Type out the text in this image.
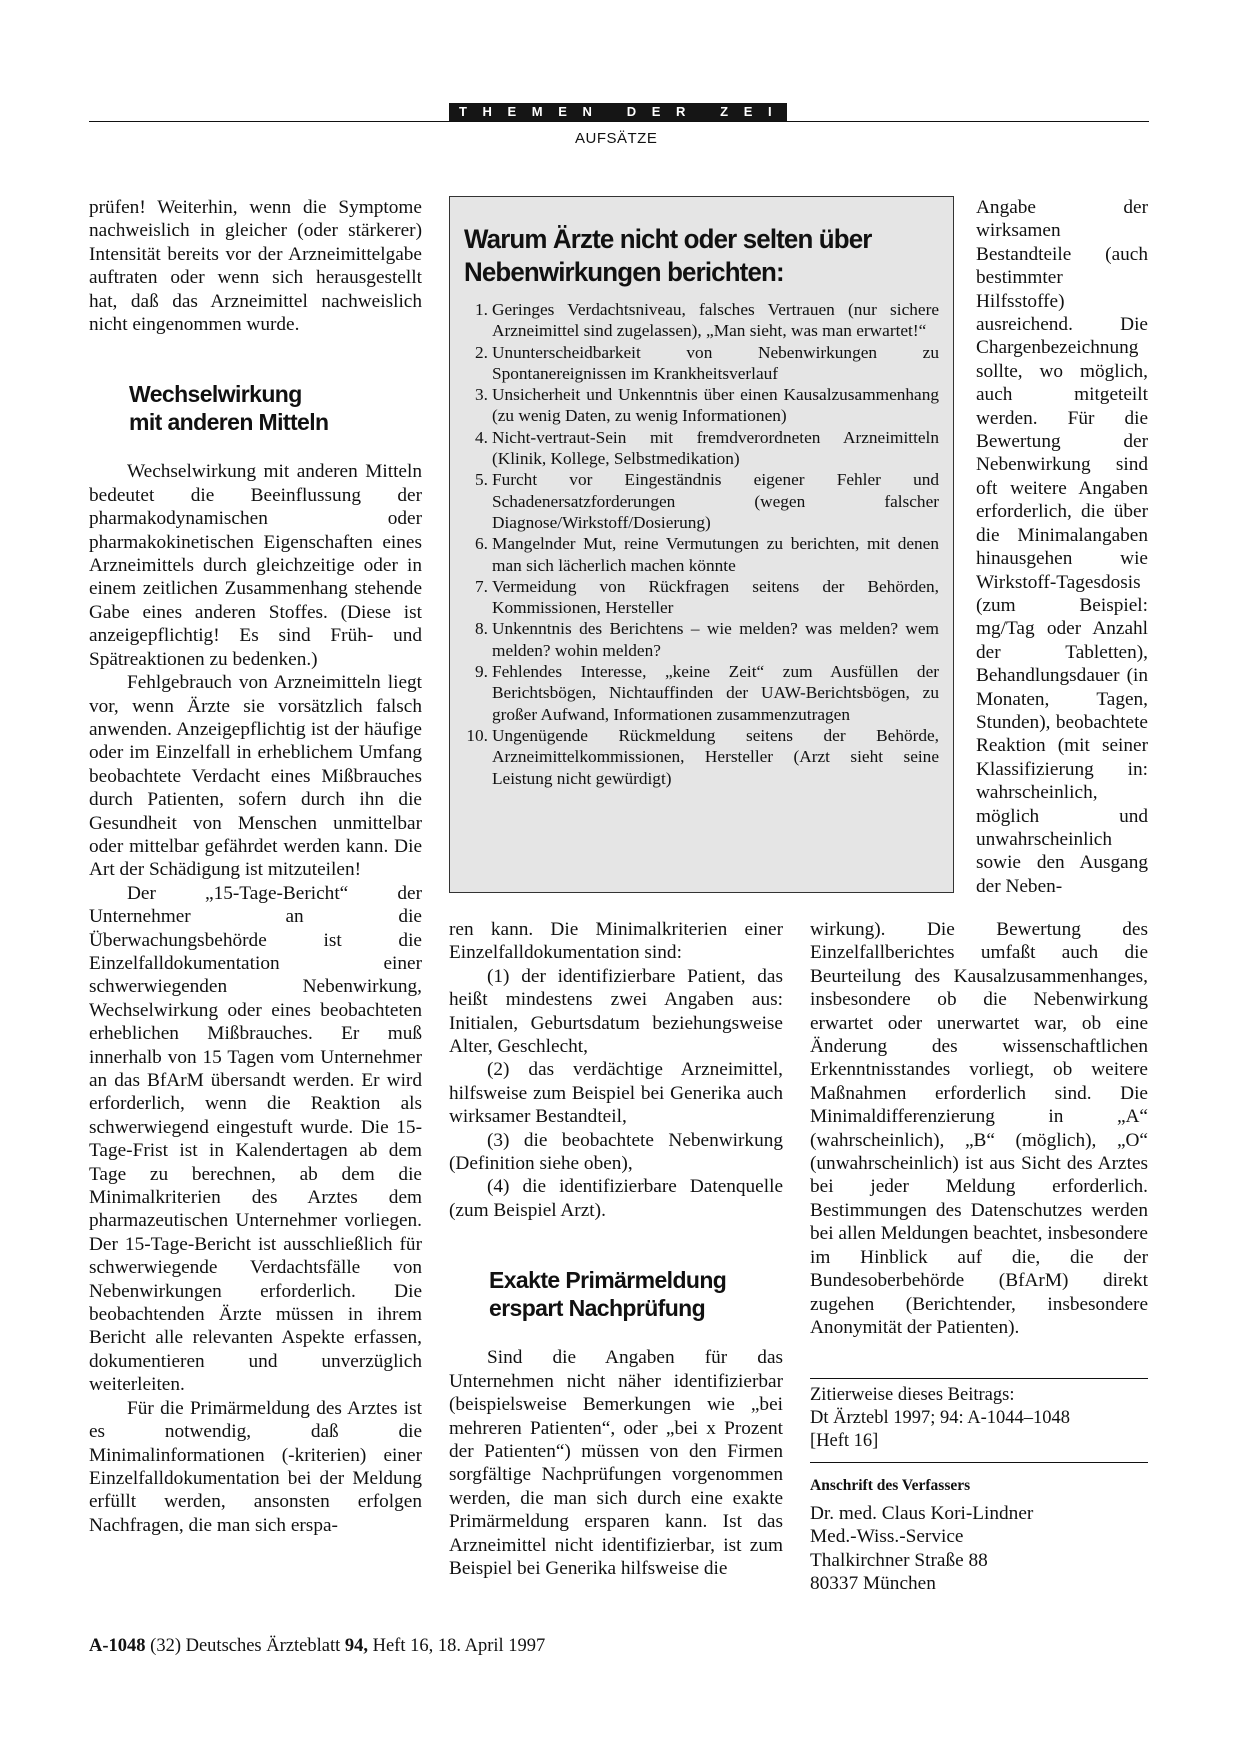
THEMEN DER ZEIT
AUFSÄTZE

prüfen! Weiterhin, wenn die Symptome nachweislich in gleicher (oder stärkerer) Intensität bereits vor der Arzneimittelgabe auftraten oder wenn sich herausgestellt hat, daß das Arzneimittel nachweislich nicht eingenommen wurde.

Wechselwirkung
mit anderen Mitteln

Wechselwirkung mit anderen Mitteln bedeutet die Beeinflussung der pharmakodynamischen oder pharmakokinetischen Eigenschaften eines Arzneimittels durch gleichzeitige oder in einem zeitlichen Zusammenhang stehende Gabe eines anderen Stoffes. (Diese ist anzeigepflichtig! Es sind Früh- und Spätreaktionen zu bedenken.)

Fehlgebrauch von Arzneimitteln liegt vor, wenn Ärzte sie vorsätzlich falsch anwenden. Anzeigepflichtig ist der häufige oder im Einzelfall in erheblichem Umfang beobachtete Verdacht eines Mißbrauches durch Patienten, sofern durch ihn die Gesundheit von Menschen unmittelbar oder mittelbar gefährdet werden kann. Die Art der Schädigung ist mitzuteilen!

Der „15-Tage-Bericht“ der Unternehmer an die Überwachungsbehörde ist die Einzelfalldokumentation einer schwerwiegenden Nebenwirkung, Wechselwirkung oder eines beobachteten erheblichen Mißbrauches. Er muß innerhalb von 15 Tagen vom Unternehmer an das BfArM übersandt werden. Er wird erforderlich, wenn die Reaktion als schwerwiegend eingestuft wurde. Die 15-Tage-Frist ist in Kalendertagen ab dem Tage zu berechnen, ab dem die Minimalkriterien des Arztes dem pharmazeutischen Unternehmer vorliegen. Der 15-Tage-Bericht ist ausschließlich für schwerwiegende Verdachtsfälle von Nebenwirkungen erforderlich. Die beobachtenden Ärzte müssen in ihrem Bericht alle relevanten Aspekte erfassen, dokumentieren und unverzüglich weiterleiten.

Für die Primärmeldung des Arztes ist es notwendig, daß die Minimalinformationen (-kriterien) einer Einzelfalldokumentation bei der Meldung erfüllt werden, ansonsten erfolgen Nachfragen, die man sich erspa-

Warum Ärzte nicht oder selten über
Nebenwirkungen berichten:
1. Geringes Verdachtsniveau, falsches Vertrauen (nur sichere Arzneimittel sind zugelassen), „Man sieht, was man erwartet!“
2. Ununterscheidbarkeit von Nebenwirkungen zu Spontanereignissen im Krankheitsverlauf
3. Unsicherheit und Unkenntnis über einen Kausalzusammenhang (zu wenig Daten, zu wenig Informationen)
4. Nicht-vertraut-Sein mit fremdverordneten Arzneimitteln (Klinik, Kollege, Selbstmedikation)
5. Furcht vor Eingeständnis eigener Fehler und Schadenersatzforderungen (wegen falscher Diagnose/Wirkstoff/Dosierung)
6. Mangelnder Mut, reine Vermutungen zu berichten, mit denen man sich lächerlich machen könnte
7. Vermeidung von Rückfragen seitens der Behörden, Kommissionen, Hersteller
8. Unkenntnis des Berichtens – wie melden? was melden? wem melden? wohin melden?
9. Fehlendes Interesse, „keine Zeit“ zum Ausfüllen der Berichtsbögen, Nichtauffinden der UAW-Berichtsbögen, zu großer Aufwand, Informationen zusammenzutragen
10. Ungenügende Rückmeldung seitens der Behörde, Arzneimittelkommissionen, Hersteller (Arzt sieht seine Leistung nicht gewürdigt)

ren kann. Die Minimalkriterien einer Einzelfalldokumentation sind:

(1) der identifizierbare Patient, das heißt mindestens zwei Angaben aus: Initialen, Geburtsdatum beziehungsweise Alter, Geschlecht,

(2) das verdächtige Arzneimittel, hilfsweise zum Beispiel bei Generika auch wirksamer Bestandteil,

(3) die beobachtete Nebenwirkung (Definition siehe oben),

(4) die identifizierbare Datenquelle (zum Beispiel Arzt).

Exakte Primärmeldung
erspart Nachprüfung

Sind die Angaben für das Unternehmen nicht näher identifizierbar (beispielsweise Bemerkungen wie „bei mehreren Patienten“, oder „bei x Prozent der Patienten“) müssen von den Firmen sorgfältige Nachprüfungen vorgenommen werden, die man sich durch eine exakte Primärmeldung ersparen kann. Ist das Arzneimittel nicht identifizierbar, ist zum Beispiel bei Generika hilfsweise die

Angabe der wirksamen Bestandteile (auch bestimmter Hilfsstoffe) ausreichend. Die Chargenbezeichnung sollte, wo möglich, auch mitgeteilt werden. Für die Bewertung der Nebenwirkung sind oft weitere Angaben erforderlich, die über die Minimalangaben hinausgehen wie Wirkstoff-Tagesdosis (zum Beispiel: mg/Tag oder Anzahl der Tabletten), Behandlungsdauer (in Monaten, Tagen, Stunden), beobachtete Reaktion (mit seiner Klassifizierung in: wahrscheinlich, möglich und unwahrscheinlich sowie den Ausgang der Neben-

wirkung). Die Bewertung des Einzelfallberichtes umfaßt auch die Beurteilung des Kausalzusammenhanges, insbesondere ob die Nebenwirkung erwartet oder unerwartet war, ob eine Änderung des wissenschaftlichen Erkenntnisstandes vorliegt, ob weitere Maßnahmen erforderlich sind. Die Minimaldifferenzierung in „A“ (wahrscheinlich), „B“ (möglich), „O“ (unwahrscheinlich) ist aus Sicht des Arztes bei jeder Meldung erforderlich. Bestimmungen des Datenschutzes werden bei allen Meldungen beachtet, insbesondere im Hinblick auf die, die der Bundesoberbehörde (BfArM) direkt zugehen (Berichtender, insbesondere Anonymität der Patienten).

Zitierweise dieses Beitrags:
Dt Ärztebl 1997; 94: A-1044–1048
[Heft 16]
Anschrift des Verfassers
Dr. med. Claus Kori-Lindner
Med.-Wiss.-Service
Thalkirchner Straße 88
80337 München
A-1048 (32) Deutsches Ärzteblatt 94, Heft 16, 18. April 1997
